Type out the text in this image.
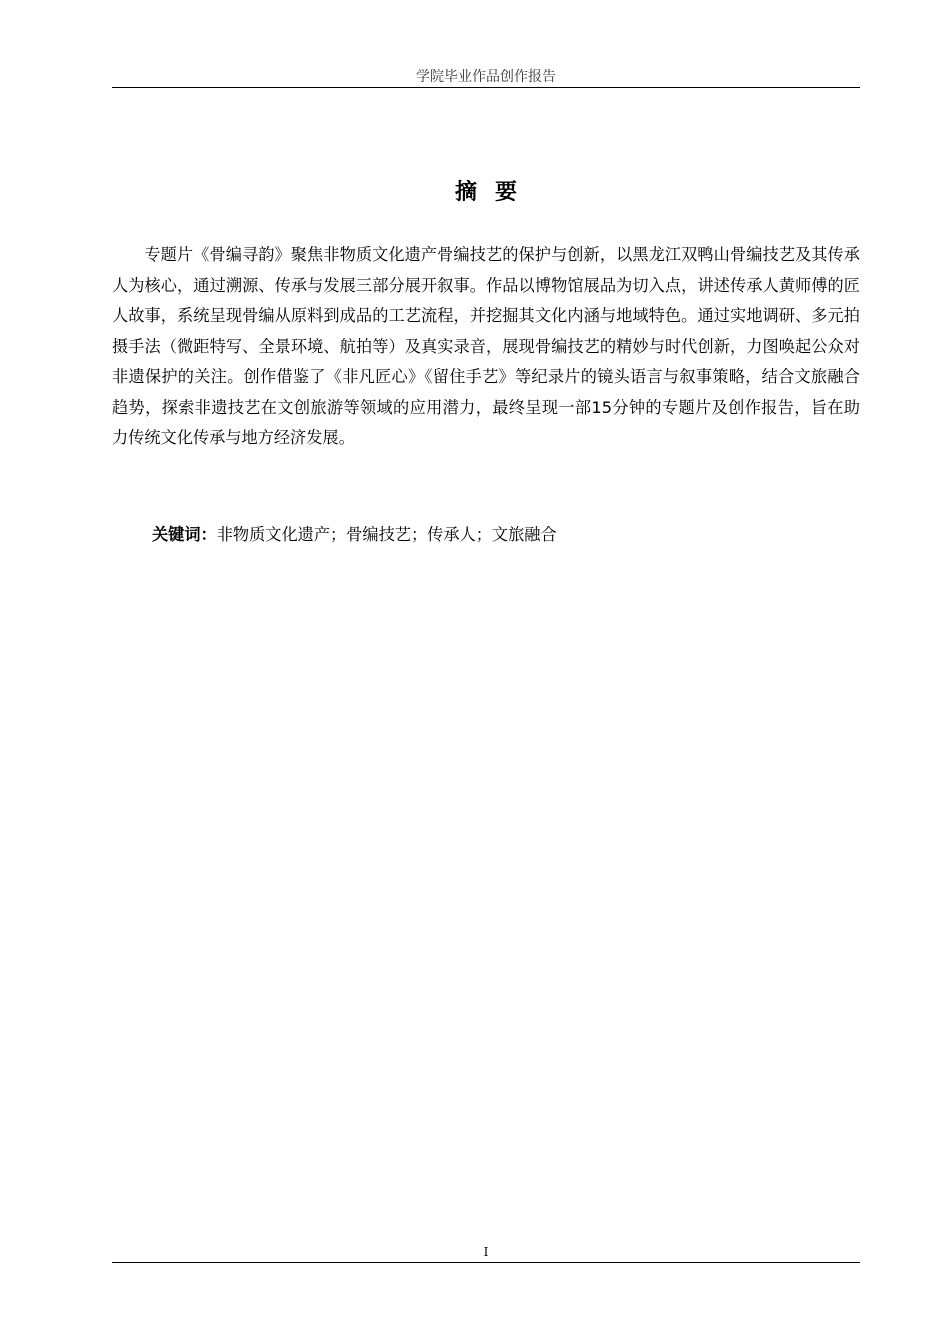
学院毕业作品创作报告
摘要

专题片《骨编寻韵》聚焦非物质文化遗产骨编技艺的保护与创新，以黑龙江双鸭山骨编技艺及其传承人为核心，通过溯源、传承与发展三部分展开叙事。作品以博物馆展品为切入点，讲述传承人黄师傅的匠人故事，系统呈现骨编从原料到成品的工艺流程，并挖掘其文化内涵与地域特色。通过实地调研、多元拍摄手法（微距特写、全景环境、航拍等）及真实录音，展现骨编技艺的精妙与时代创新，力图唤起公众对非遗保护的关注。创作借鉴了《非凡匠心》《留住手艺》等纪录片的镜头语言与叙事策略，结合文旅融合趋势，探索非遗技艺在文创旅游等领域的应用潜力，最终呈现一部15分钟的专题片及创作报告，旨在助力传统文化传承与地方经济发展。

关键词：非物质文化遗产；骨编技艺；传承人；文旅融合
I
